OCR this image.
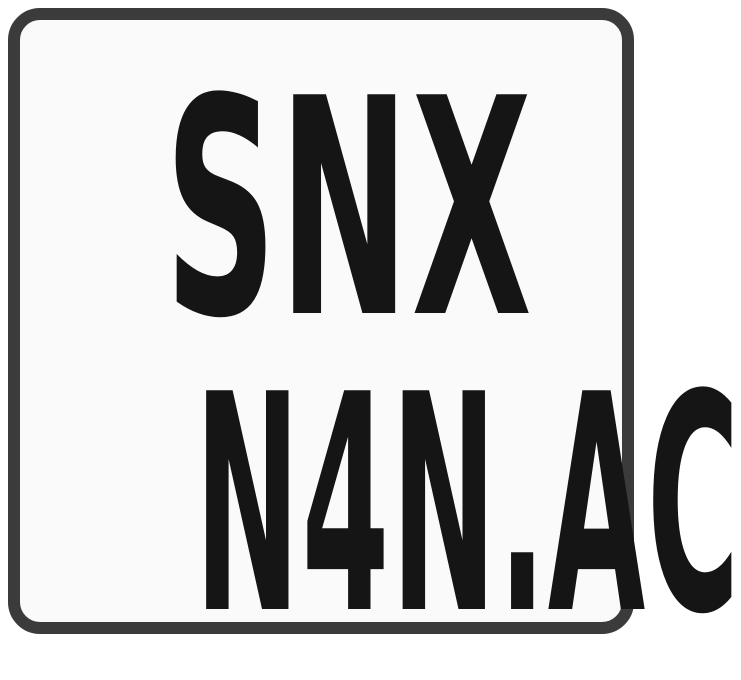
SNX
N4N.AC
